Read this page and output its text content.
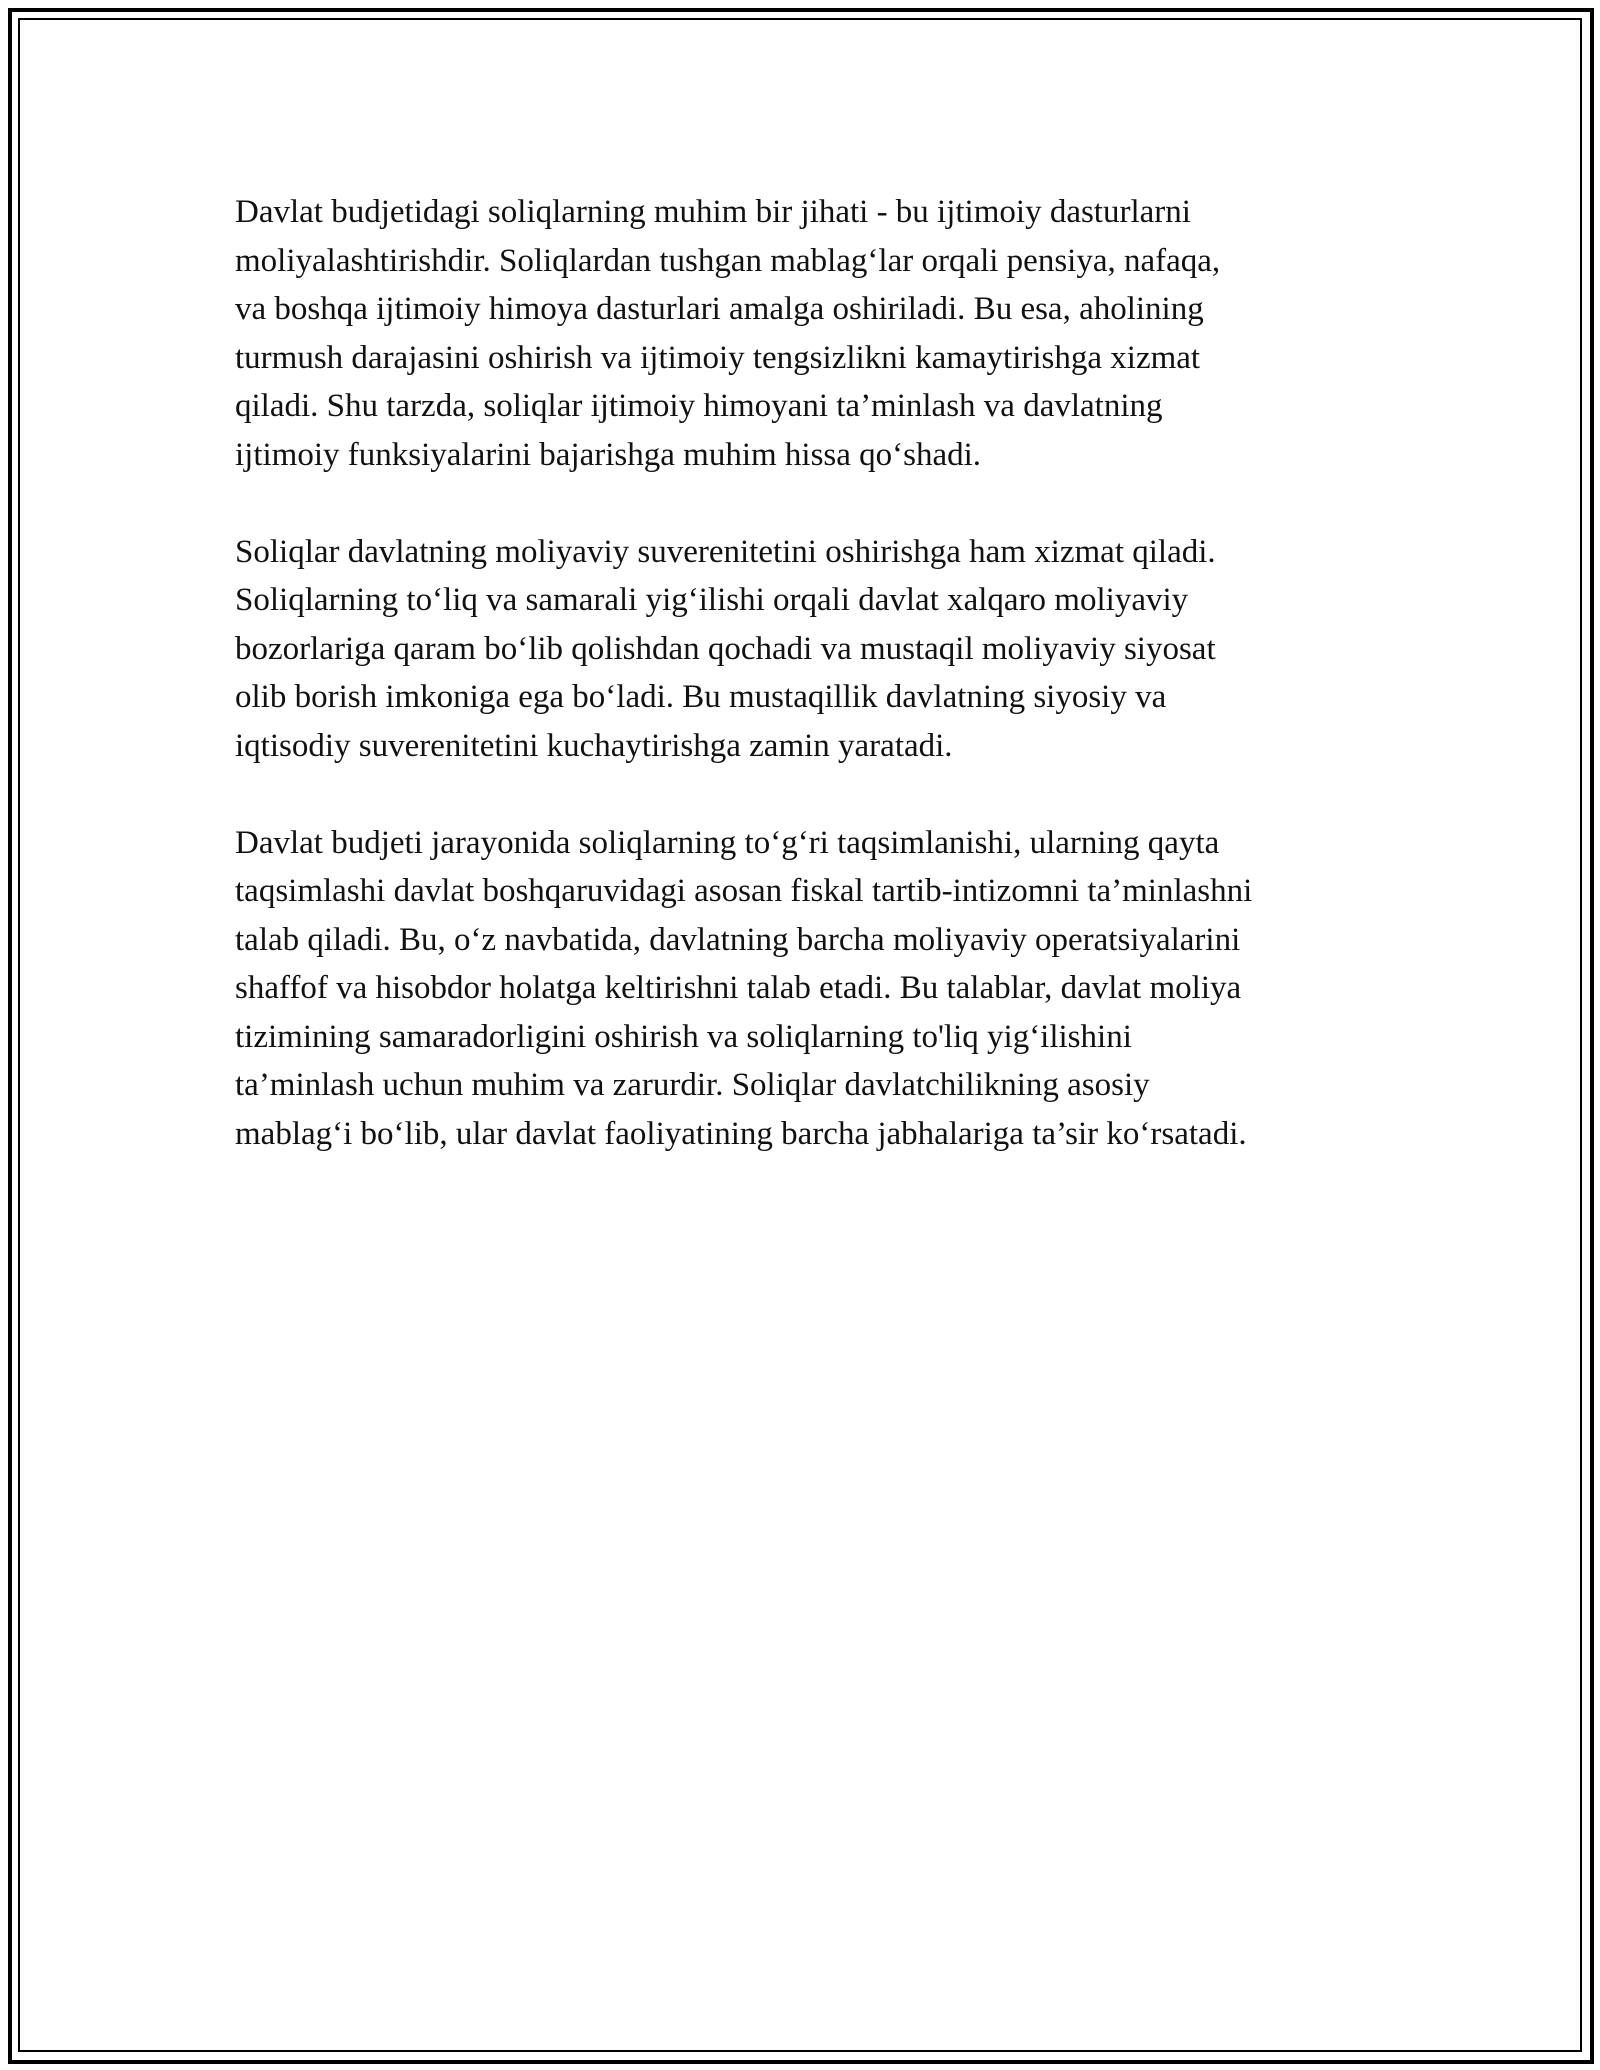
Davlat budjetidagi soliqlarning muhim bir jihati - bu ijtimoiy dasturlarni
moliyalashtirishdir. Soliqlardan tushgan mablag‘lar orqali pensiya, nafaqa,
va boshqa ijtimoiy himoya dasturlari amalga oshiriladi. Bu esa, aholining
turmush darajasini oshirish va ijtimoiy tengsizlikni kamaytirishga xizmat
qiladi. Shu tarzda, soliqlar ijtimoiy himoyani ta’minlash va davlatning
ijtimoiy funksiyalarini bajarishga muhim hissa qo‘shadi.

Soliqlar davlatning moliyaviy suverenitetini oshirishga ham xizmat qiladi.
Soliqlarning to‘liq va samarali yig‘ilishi orqali davlat xalqaro moliyaviy
bozorlariga qaram bo‘lib qolishdan qochadi va mustaqil moliyaviy siyosat
olib borish imkoniga ega bo‘ladi. Bu mustaqillik davlatning siyosiy va
iqtisodiy suverenitetini kuchaytirishga zamin yaratadi.

Davlat budjeti jarayonida soliqlarning to‘g‘ri taqsimlanishi, ularning qayta
taqsimlashi davlat boshqaruvidagi asosan fiskal tartib-intizomni ta’minlashni
talab qiladi. Bu, o‘z navbatida, davlatning barcha moliyaviy operatsiyalarini
shaffof va hisobdor holatga keltirishni talab etadi. Bu talablar, davlat moliya
tizimining samaradorligini oshirish va soliqlarning to'liq yig‘ilishini
ta’minlash uchun muhim va zarurdir. Soliqlar davlatchilikning asosiy
mablag‘i bo‘lib, ular davlat faoliyatining barcha jabhalariga ta’sir ko‘rsatadi.
